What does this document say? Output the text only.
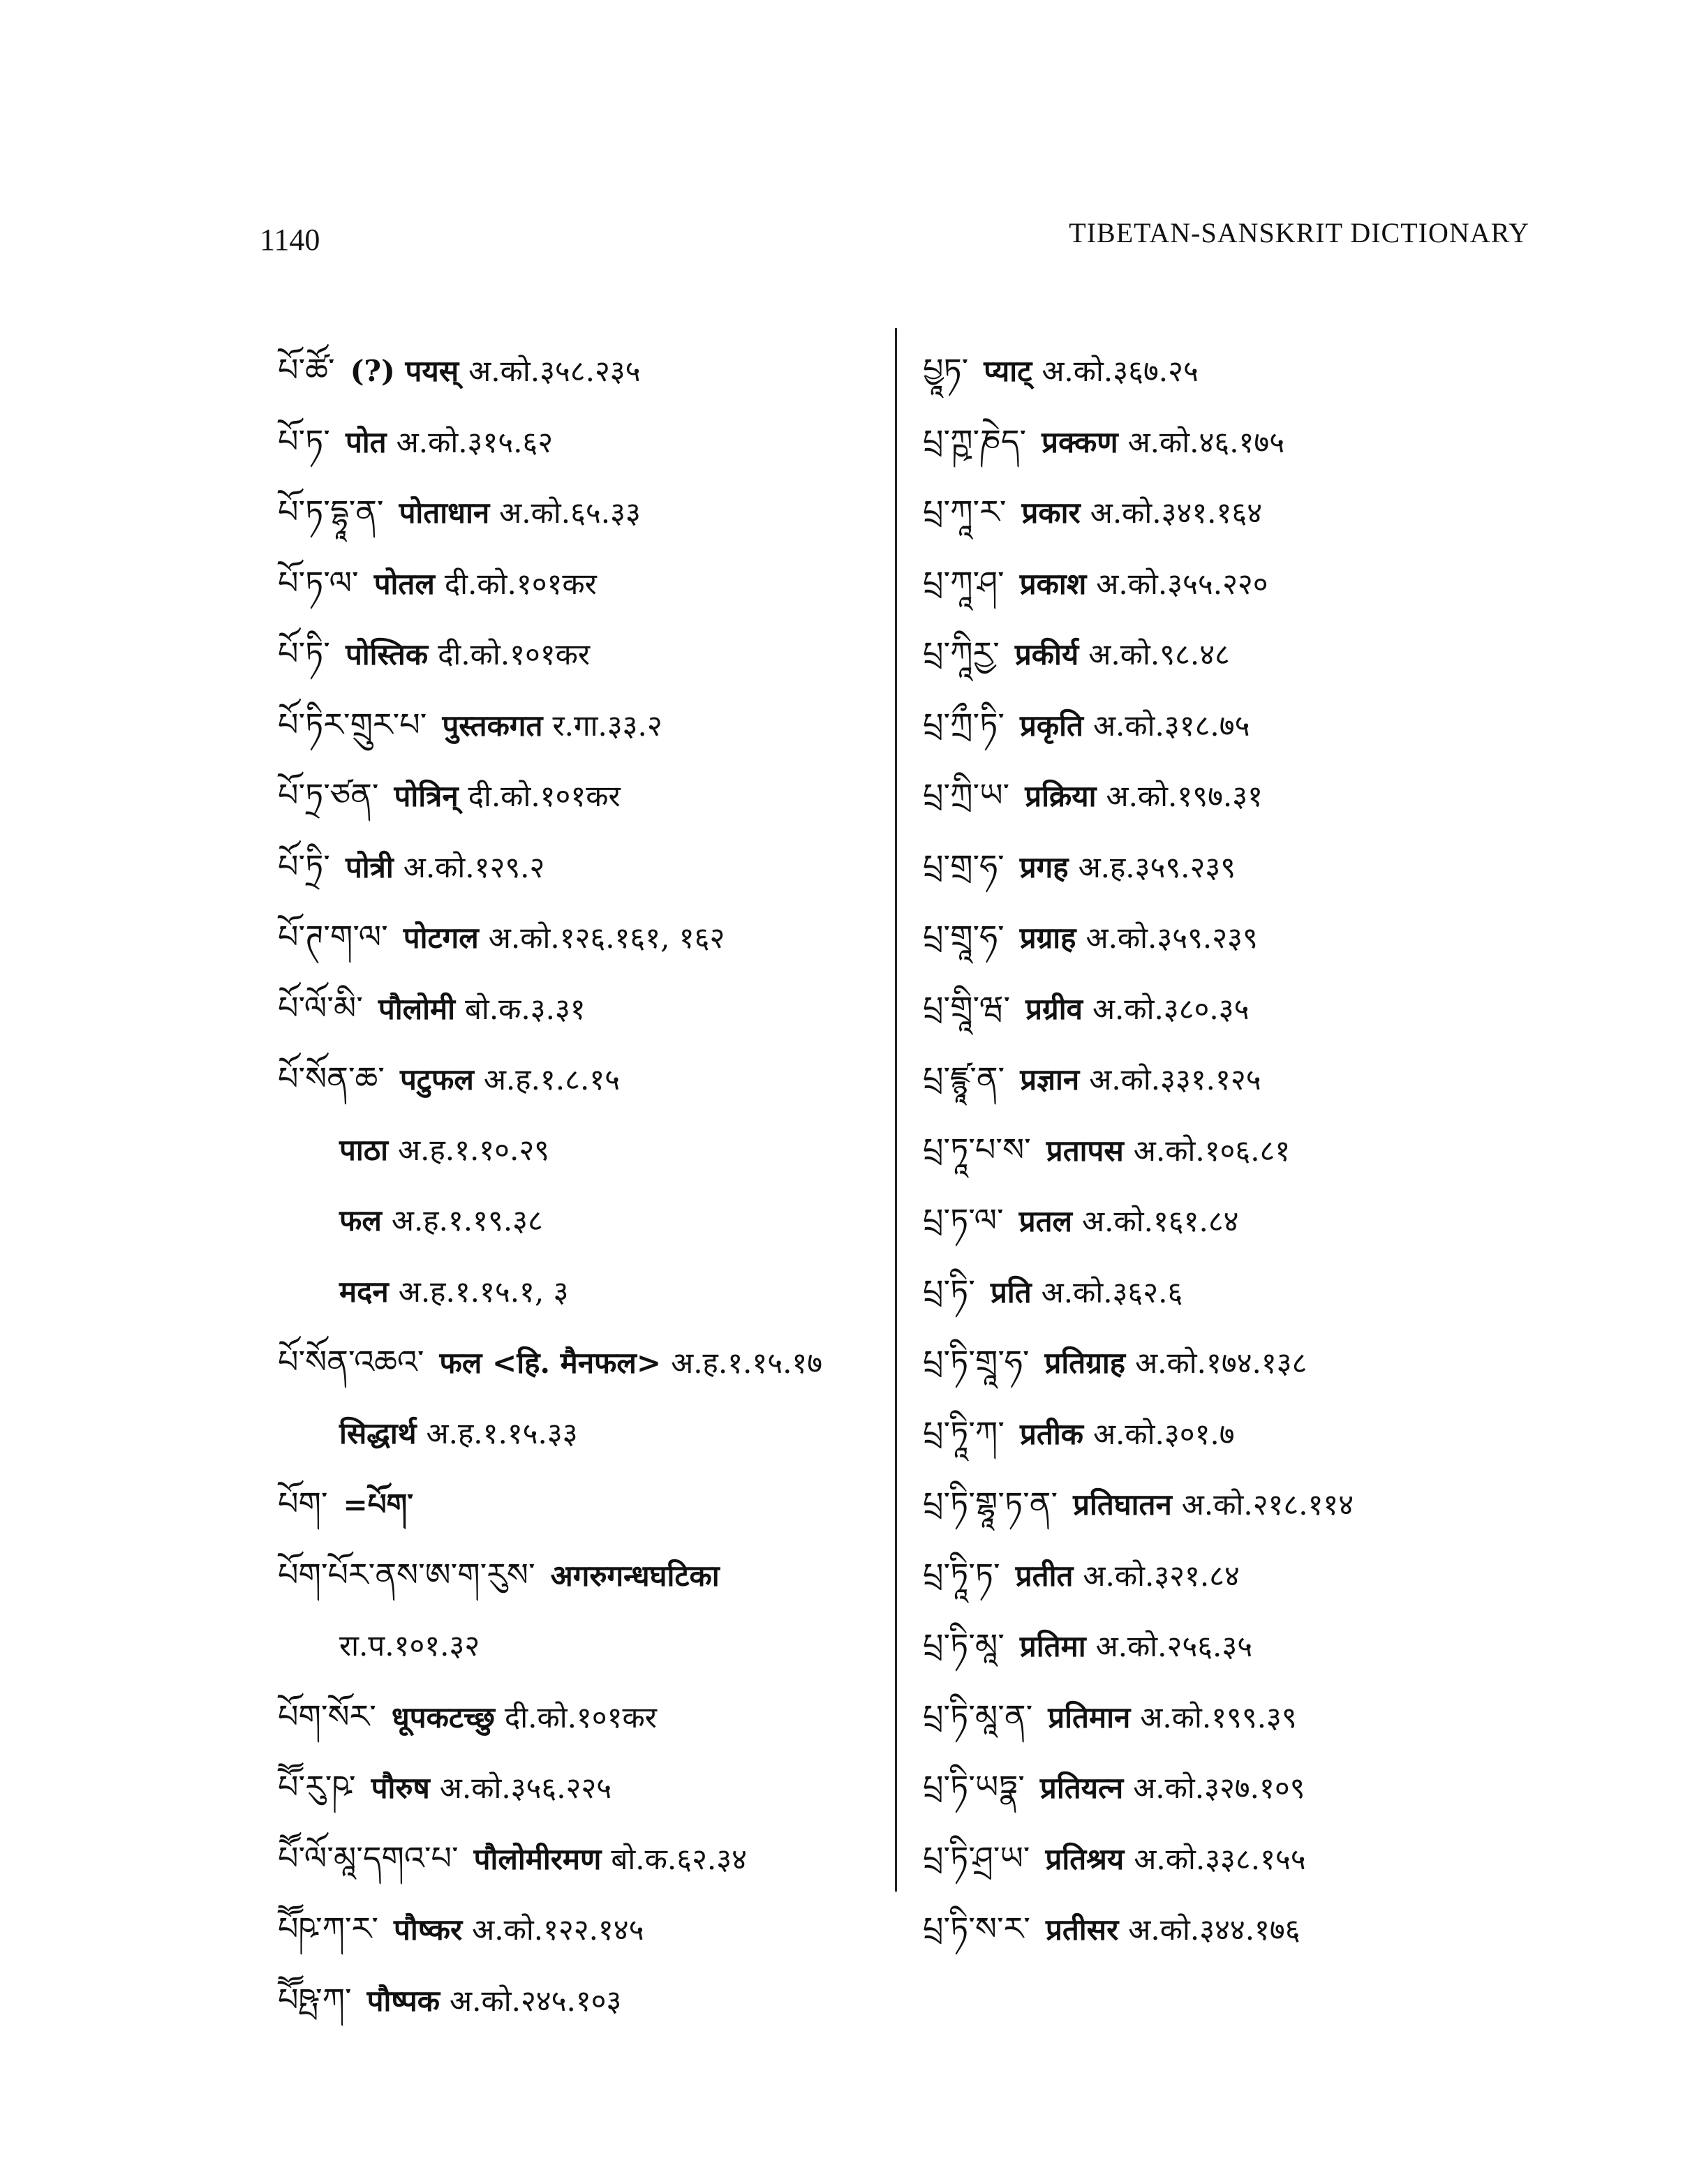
1140	TIBETAN-SANSKRIT DICTIONARY
པོ་ཚོ་ (?) पयस् अ.को.३५८.२३५
པོ་ཏ་ पोत अ.को.३१५.६२
པོ་ཏ་དྷཱ་ན་ पोताधान अ.को.६५.३३
པོ་ཏ་ལ་ पोतल दी.को.१०१कर
པོ་ཏི་ पोस्तिक दी.को.१०१कर
པོ་ཏིར་གྲུར་པ་ पुस्तकगत र.गा.३३.२
པོ་ཏྲ་ཙན་ पोत्रिन् दी.को.१०१कर
པོ་ཏྲི་ पोत्री अ.को.१२९.२
པོ་ཊ་ག་ལ་ पोटगल अ.को.१२६.१६१, १६२
པོ་ལོ་མི་ पौलोमी बो.क.३.३१
པོ་སོན་ཆ་ पटुफल अ.ह.१.८.१५
पाठा अ.ह.१.१०.२९
फल अ.ह.१.१९.३८
मदन अ.ह.१.१५.१, ३
པོ་སོན་འཆའ་ फल <हि. मैनफल> अ.ह.१.१५.१७
सिद्धार्थ अ.ह.१.१५.३३
པོག་ =པོག་
པོག་པོར་ནས་ཨ་ག་རུས་ अगरुगन्धघटिका
रा.प.१०१.३२
པོག་སོར་ धूपकटच्छु दी.को.१०१कर
པཽ་རུ་ཥ་ पौरुष अ.को.३५६.२२५
པཽ་ལོ་མཱ་དགའ་པ་ पौलोमीरमण बो.क.६२.३४
པཽཥ་ཀ་ར་ पौष्कर अ.को.१२२.१४५
པཽཥྤ་ཀ་ पौष्पक अ.को.२४५.१०३
པྱཱཏ་ प्याट् अ.को.३६७.२५
པྲ་ཀྵ་ཎེད་ प्रक्कण अ.को.४६.१७५
པྲ་ཀཱ་ར་ प्रकार अ.को.३४१.१६४
པྲ་ཀཱ་ཤ་ प्रकाश अ.को.३५५.२२०
པྲ་ཀཱིརྱ་ प्रकीर्य अ.को.९८.४८
པྲ་ཀྲྀ་ཏི་ प्रकृति अ.को.३१८.७५
པྲ་ཀྲི་ཡ་ प्रक्रिया अ.को.१९७.३१
པྲ་གྲ་ཧ་ प्रगह अ.ह.३५९.२३९
པྲ་གྲཱ་ཧ་ प्रग्राह अ.को.३५९.२३९
པྲ་གྲཱི་ཝ་ प्रग्रीव अ.को.३८०.३५
པྲ་ཛྙཱ་ན་ प्रज्ञान अ.को.३३१.१२५
པྲ་ཏཱ་པ་ས་ प्रतापस अ.को.१०६.८१
པྲ་ཏ་ལ་ प्रतल अ.को.१६१.८४
པྲ་ཏི་ प्रति अ.को.३६२.६
པྲ་ཏི་གྲཱ་ཧ་ प्रतिग्राह अ.को.१७४.१३८
པྲ་ཏཱི་ཀ་ प्रतीक अ.को.३०१.७
པྲ་ཏི་གྷཱ་ཏ་ན་ प्रतिघातन अ.को.२१८.११४
པྲ་ཏཱི་ཏ་ प्रतीत अ.को.३२१.८४
པྲ་ཏི་མཱ་ प्रतिमा अ.को.२५६.३५
པྲ་ཏི་མཱ་ན་ प्रतिमान अ.को.१९९.३९
པྲ་ཏི་ཡཏྣ་ प्रतियत्न अ.को.३२७.१०९
པྲ་ཏི་ཤྲ་ཡ་ प्रतिश्रय अ.को.३३८.१५५
པྲ་ཏི་ས་ར་ प्रतीसर अ.को.३४४.१७६
